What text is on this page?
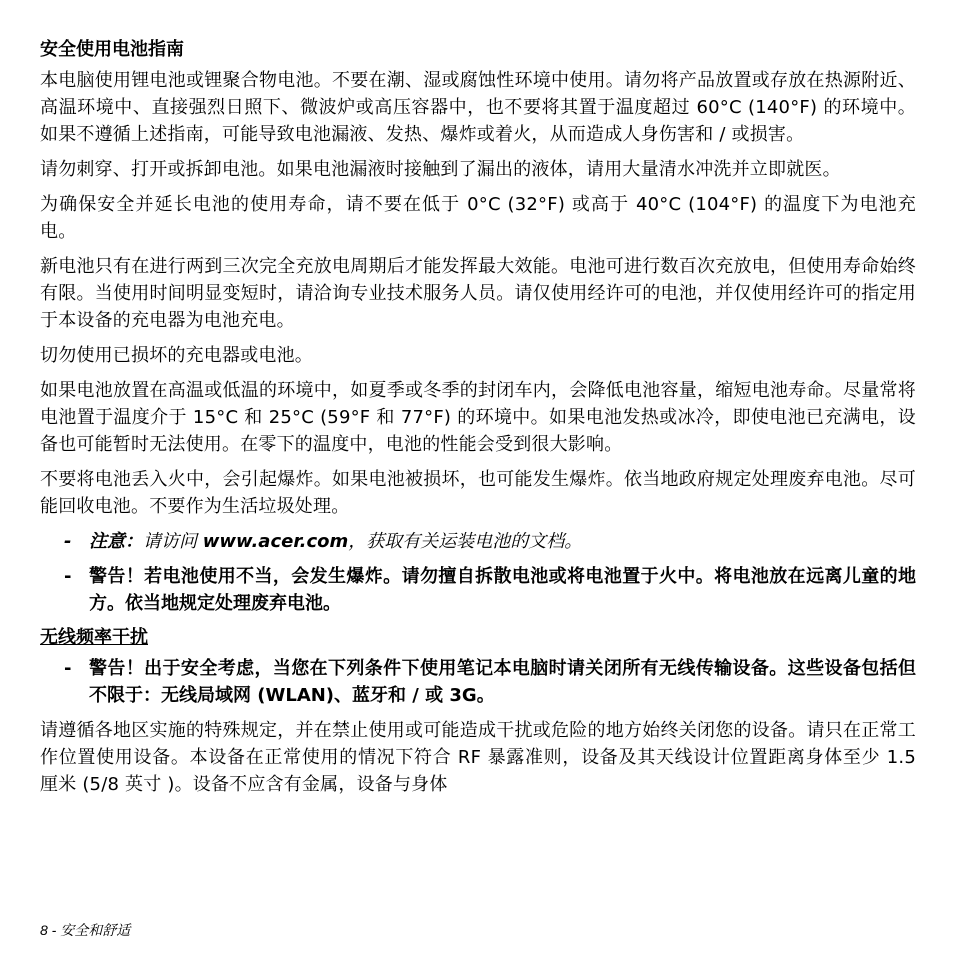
安全使用电池指南

本电脑使用锂电池或锂聚合物电池。不要在潮、湿或腐蚀性环境中使用。请勿将产品放置或存放在热源附近、高温环境中、直接强烈日照下、微波炉或高压容器中，也不要将其置于温度超过 60°C (140°F) 的环境中。如果不遵循上述指南，可能导致电池漏液、发热、爆炸或着火，从而造成人身伤害和 / 或损害。

请勿刺穿、打开或拆卸电池。如果电池漏液时接触到了漏出的液体，请用大量清水冲洗并立即就医。

为确保安全并延长电池的使用寿命，请不要在低于 0°C (32°F) 或高于 40°C (104°F) 的温度下为电池充电。

新电池只有在进行两到三次完全充放电周期后才能发挥最大效能。电池可进行数百次充放电，但使用寿命始终有限。当使用时间明显变短时，请洽询专业技术服务人员。请仅使用经许可的电池，并仅使用经许可的指定用于本设备的充电器为电池充电。

切勿使用已损坏的充电器或电池。

如果电池放置在高温或低温的环境中，如夏季或冬季的封闭车内，会降低电池容量，缩短电池寿命。尽量常将电池置于温度介于 15°C 和 25°C (59°F 和 77°F) 的环境中。如果电池发热或冰冷，即使电池已充满电，设备也可能暂时无法使用。在零下的温度中，电池的性能会受到很大影响。

不要将电池丢入火中，会引起爆炸。如果电池被损坏，也可能发生爆炸。依当地政府规定处理废弃电池。尽可能回收电池。不要作为生活垃圾处理。

- 注意：请访问 www.acer.com，获取有关运装电池的文档。
- 警告！若电池使用不当，会发生爆炸。请勿擅自拆散电池或将电池置于火中。将电池放在远离儿童的地方。依当地规定处理废弃电池。
无线频率干扰
- 警告！出于安全考虑，当您在下列条件下使用笔记本电脑时请关闭所有无线传输设备。这些设备包括但不限于：无线局域网 (WLAN)、蓝牙和 / 或 3G。

请遵循各地区实施的特殊规定，并在禁止使用或可能造成干扰或危险的地方始终关闭您的设备。请只在正常工作位置使用设备。本设备在正常使用的情况下符合 RF 暴露准则，设备及其天线设计位置距离身体至少 1.5 厘米 (5/8 英寸 )。设备不应含有金属，设备与身体

8 - 安全和舒适
